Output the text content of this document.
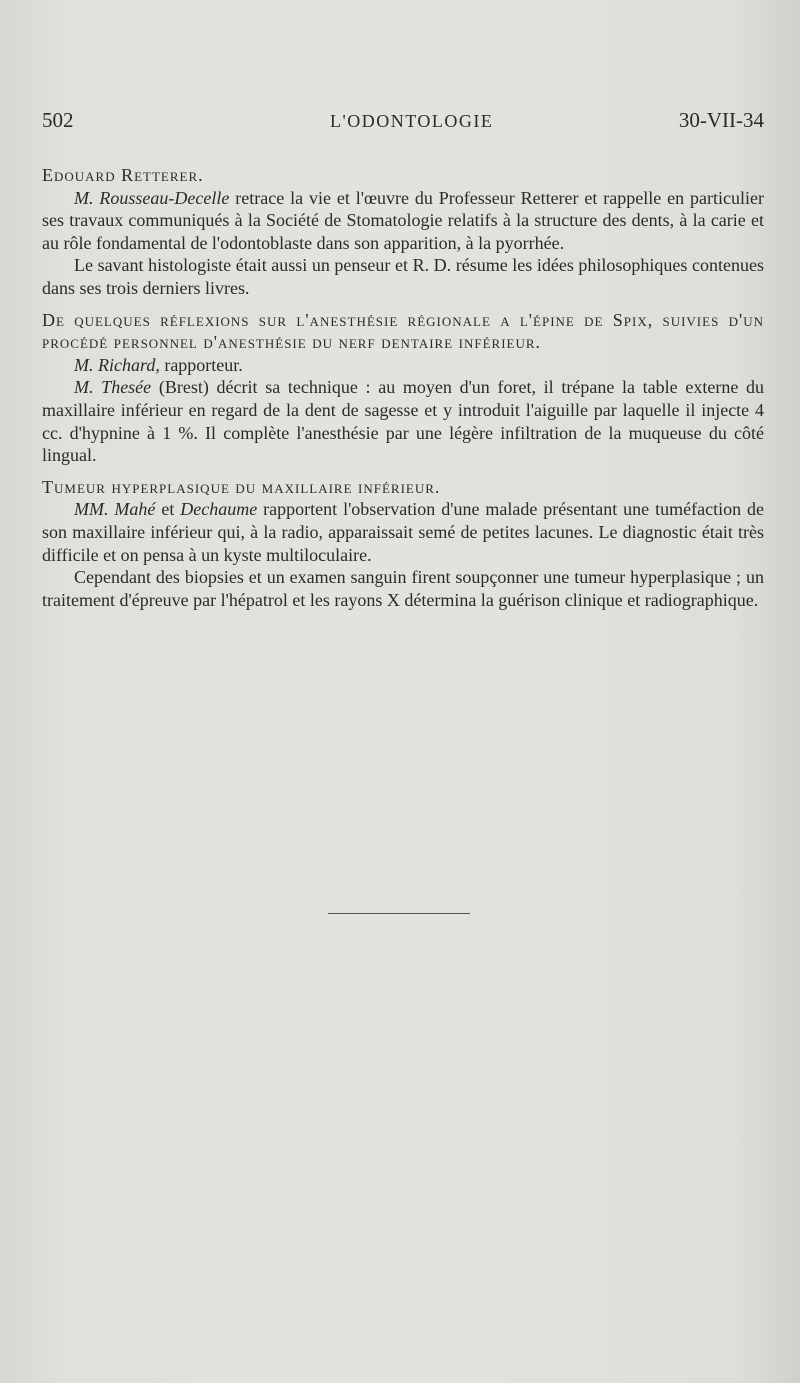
502	L'ODONTOLOGIE	30-VII-34

Edouard Retterer.

M. Rousseau-Decelle retrace la vie et l'œuvre du Professeur Retterer et rappelle en particulier ses travaux communiqués à la Société de Stomatologie relatifs à la structure des dents, à la carie et au rôle fondamental de l'odontoblaste dans son apparition, à la pyorrhée.

Le savant histologiste était aussi un penseur et R. D. résume les idées philosophiques contenues dans ses trois derniers livres.

De quelques réflexions sur l'anesthésie régionale a l'épine de Spix, suivies d'un procédé personnel d'anesthésie du nerf dentaire inférieur.

M. Richard, rapporteur.

M. Thesée (Brest) décrit sa technique : au moyen d'un foret, il trépane la table externe du maxillaire inférieur en regard de la dent de sagesse et y introduit l'aiguille par laquelle il injecte 4 cc. d'hypnine à 1 %. Il complète l'anesthésie par une légère infiltration de la muqueuse du côté lingual.

Tumeur hyperplasique du maxillaire inférieur.

MM. Mahé et Dechaume rapportent l'observation d'une malade présentant une tuméfaction de son maxillaire inférieur qui, à la radio, apparaissait semé de petites lacunes. Le diagnostic était très difficile et on pensa à un kyste multiloculaire.

Cependant des biopsies et un examen sanguin firent soupçonner une tumeur hyperplasique ; un traitement d'épreuve par l'hépatrol et les rayons X détermina la guérison clinique et radiographique.
